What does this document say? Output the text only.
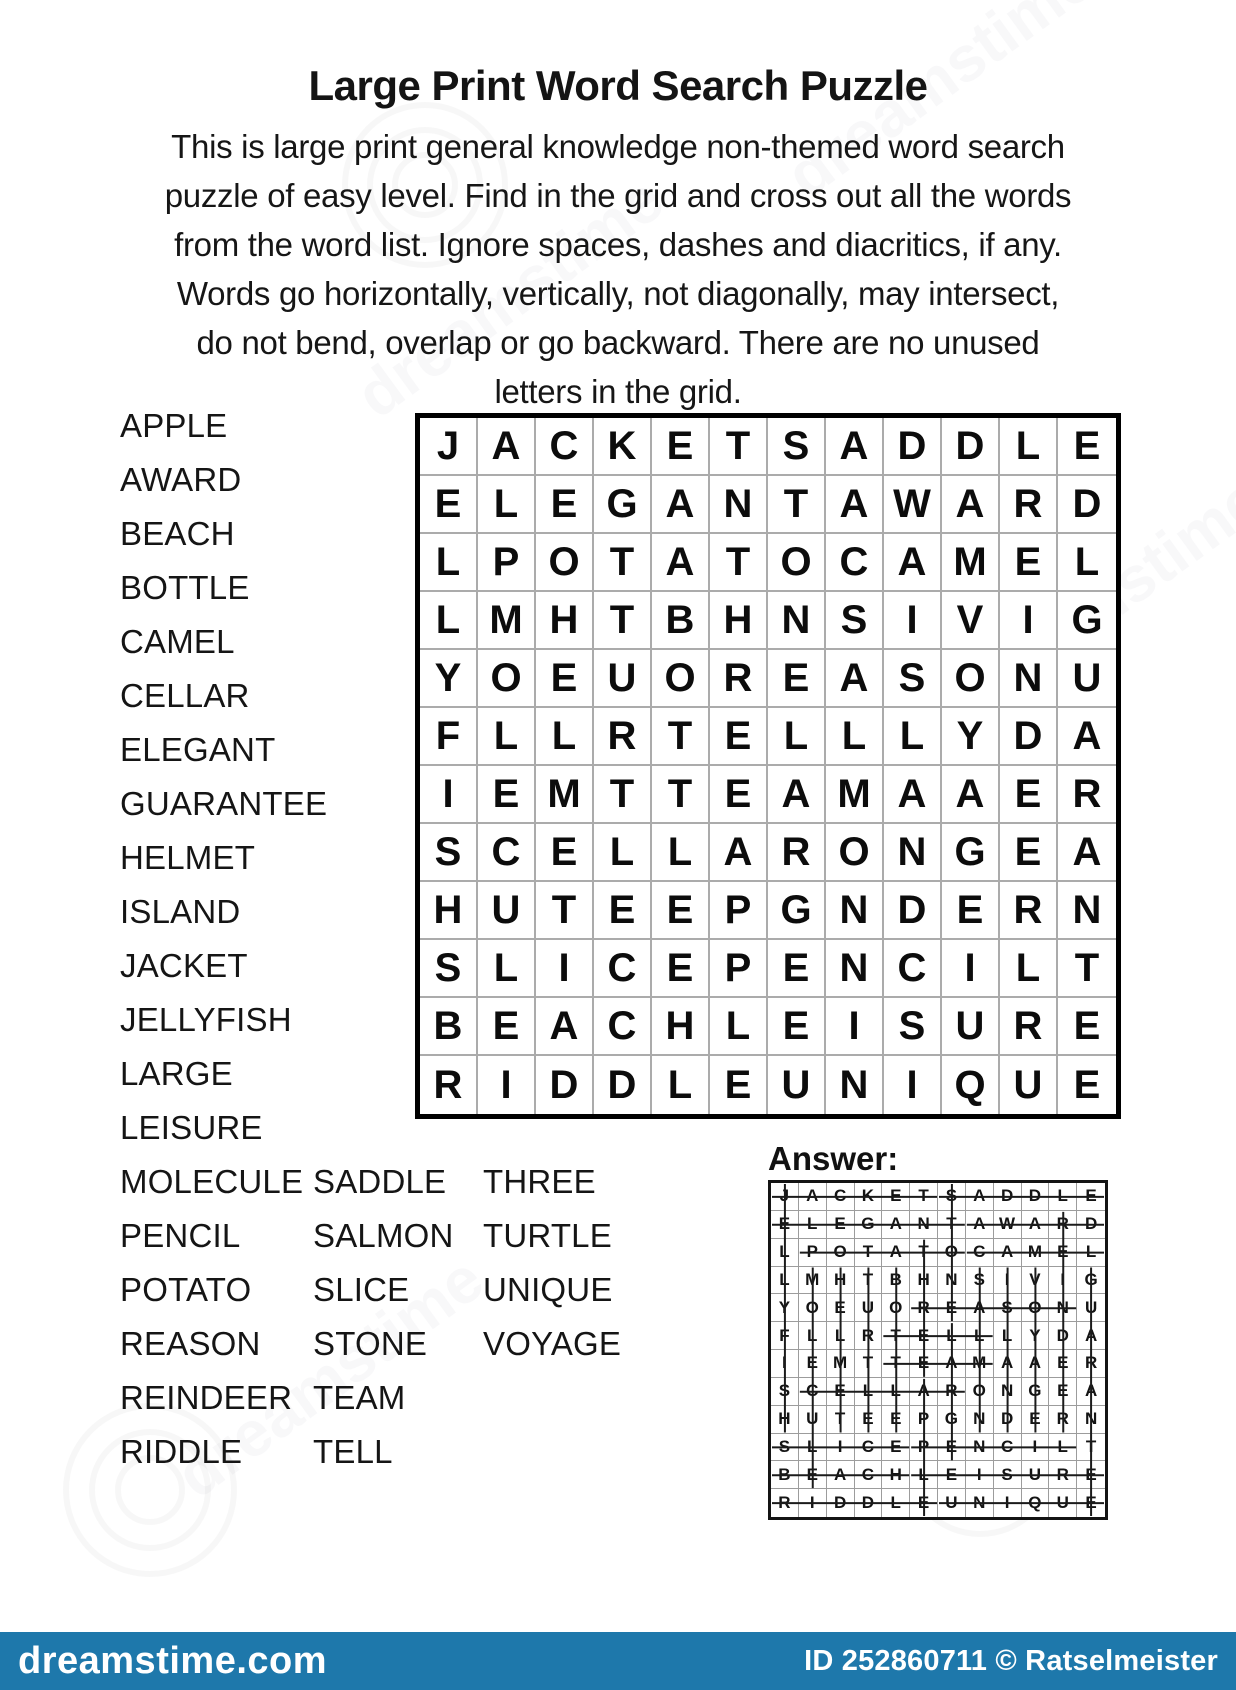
Large Print Word Search Puzzle
This is large print general knowledge non-themed word search
puzzle of easy level. Find in the grid and cross out all the words
from the word list. Ignore spaces, dashes and diacritics, if any.
Words go horizontally, vertically, not diagonally, may intersect,
do not bend, overlap or go backward. There are no unused
letters in the grid.
APPLE
AWARD
BEACH
BOTTLE
CAMEL
CELLAR
ELEGANT
GUARANTEE
HELMET
ISLAND
JACKET
JELLYFISH
LARGE
LEISURE
MOLECULE
PENCIL
POTATO
REASON
REINDEER
RIDDLE
SADDLE
SALMON
SLICE
STONE
TEAM
TELL
THREE
TURTLE
UNIQUE
VOYAGE
J A C K E T S A D D L E
E L E G A N T A W A R D
L P O T A T O C A M E L
L M H T B H N S I V I G
Y O E U O R E A S O N U
F L L R T E L L L Y D A
I E M T T E A M A A E R
S C E L L A R O N G E A
H U T E E P G N D E R N
S L	I C E P E N C I	L T
B E A C H L E I S U R E
R I D D L E U N I Q U E
Answer:
J A C K E T S A D D L	E
E L E G A N T A W A R D
L P O T A T O C A M E	L
L M H T B H N S	I	V	I	G
Y O E U O R E A S O N U
F	L	L R T E L	L	L Y D A
I	E M T	T E A M A A E R
S C E L	L A R O N G E A
H U T E E P G N D E R N
S L	I	C E P E N C	I	L	T
B E A C H L E	I	S U R E
R	I	D D L E U N	I	Q U E
dreamstime.com	ID 252860711 © Ratselmeister
